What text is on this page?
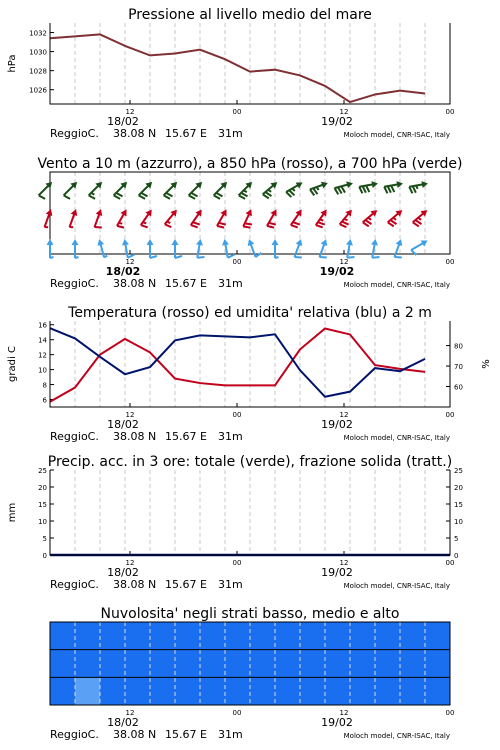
Pressione al livello medio del mare
12	00	12	00
18/02	19/02
ReggioC. 38.08 N 15.67 E 31m	Moloch model, CNR-ISAC, Italy
1026
1028
1030
1032
hPa
Vento a 10 m (azzurro), a 850 hPa (rosso), a 700 hPa (verde)
12	00	12	00
18/02	19/02
ReggioC. 38.08 N 15.67 E 31m	Moloch model, CNR-ISAC, Italy
Temperatura (rosso) ed umidita' relativa (blu) a 2 m
12	00	12	00
18/02	19/02
ReggioC. 38.08 N 15.67 E 31m	Moloch model, CNR-ISAC, Italy
6
8
10
12
14
16
60
70
80
gradi C	%
Precip. acc. in 3 ore: totale (verde), frazione solida (tratt.)
12	00	12	00
18/02	19/02
ReggioC. 38.08 N 15.67 E 31m	Moloch model, CNR-ISAC, Italy
0
5
10
15
20
25
0
5
10
15
20
25
mm
Nuvolosita' negli strati basso, medio e alto
12	00	12	00
18/02	19/02
ReggioC. 38.08 N 15.67 E 31m	Moloch model, CNR-ISAC, Italy
